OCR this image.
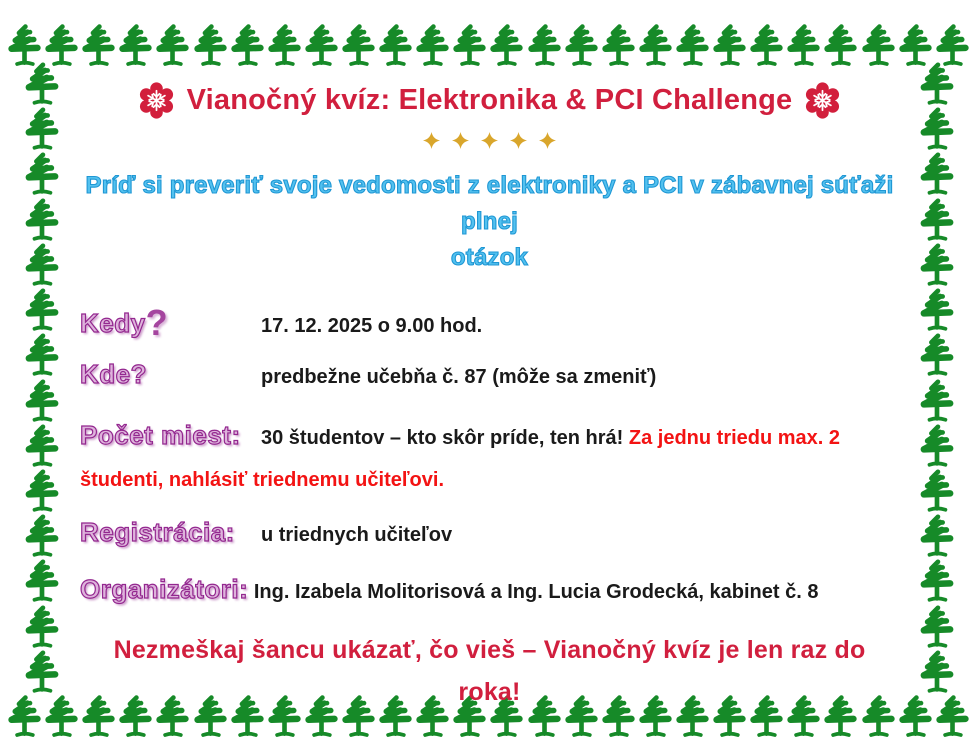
Vianočný kvíz: Elektronika & PCI Challenge
Príď si preveriť svoje vedomosti z elektroniky a PCI v zábavnej súťaži plnej
otázok

Kedy?	17. 12. 2025 o 9.00 hod.

Kde?	predbežne učebňa č. 87 (môže sa zmeniť)

Počet miest: 30 študentov – kto skôr príde, ten hrá! Za jednu triedu max. 2 študenti, nahlásiť triednemu učiteľovi.

Registrácia: u triednych učiteľov

Organizátori: Ing. Izabela Molitorisová a Ing. Lucia Grodecká, kabinet č. 8

Nezmeškaj šancu ukázať, čo vieš – Vianočný kvíz je len raz do
roka!
